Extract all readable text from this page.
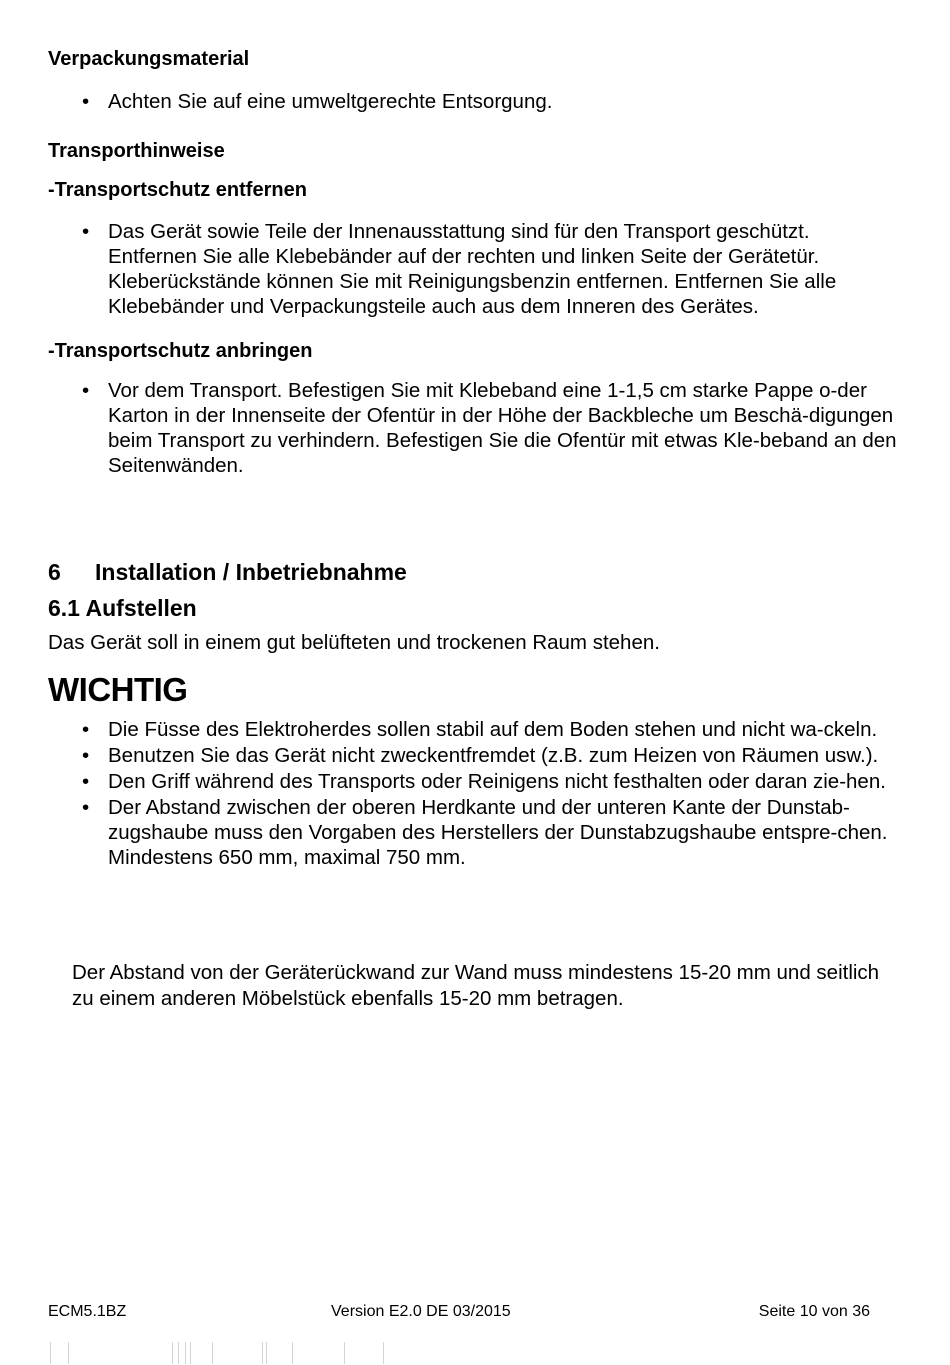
Verpackungsmaterial
• Achten Sie auf eine umweltgerechte Entsorgung.
Transporthinweise
-Transportschutz entfernen
• Das Gerät sowie Teile der Innenausstattung sind für den Transport geschützt. Entfernen Sie alle Klebebänder auf der rechten und linken Seite der Gerätetür. Kleberückstände können Sie mit Reinigungsbenzin entfernen. Entfernen Sie alle Klebebänder und Verpackungsteile auch aus dem Inneren des Gerätes.
-Transportschutz anbringen
• Vor dem Transport. Befestigen Sie mit Klebeband eine 1-1,5 cm starke Pappe o-der Karton in der Innenseite der Ofentür in der Höhe der Backbleche um Beschä-digungen beim Transport zu verhindern. Befestigen Sie die Ofentür mit etwas Kle-beband an den Seitenwänden.
6 Installation / Inbetriebnahme
6.1 Aufstellen

Das Gerät soll in einem gut belüfteten und trockenen Raum stehen.

WICHTIG
• Die Füsse des Elektroherdes sollen stabil auf dem Boden stehen und nicht wa-ckeln.
• Benutzen Sie das Gerät nicht zweckentfremdet (z.B. zum Heizen von Räumen usw.).
• Den Griff während des Transports oder Reinigens nicht festhalten oder daran zie-hen.
• Der Abstand zwischen der oberen Herdkante und der unteren Kante der Dunstab-zugshaube muss den Vorgaben des Herstellers der Dunstabzugshaube entspre-chen. Mindestens 650 mm, maximal 750 mm.

Der Abstand von der Geräterückwand zur Wand muss mindestens 15-20 mm und seitlich zu einem anderen Möbelstück ebenfalls 15-20 mm betragen.

ECM5.1BZ	Version E2.0 DE 03/2015	Seite 10 von 36
